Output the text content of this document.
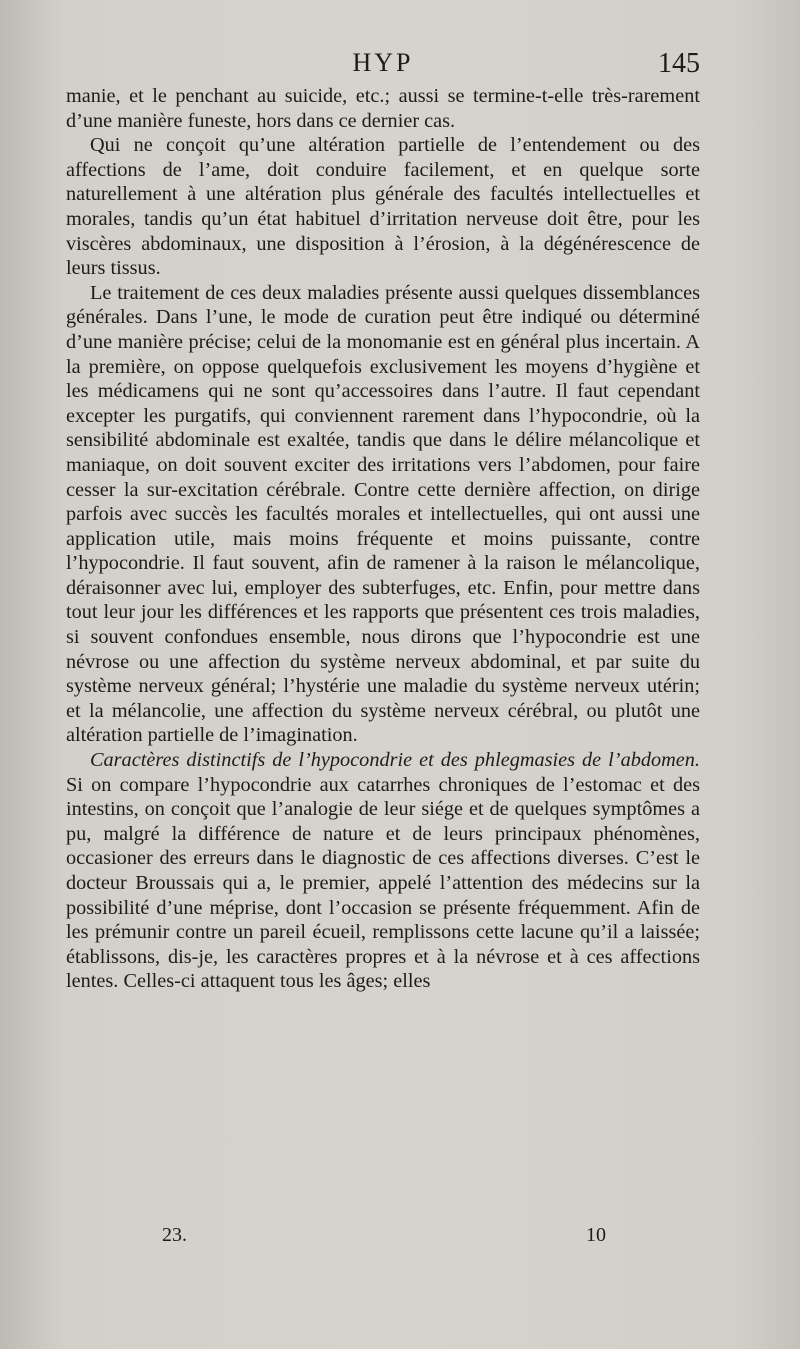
HYP	145

manie, et le penchant au suicide, etc.; aussi se termine-t-elle très-rarement d’une manière funeste, hors dans ce dernier cas.

Qui ne conçoit qu’une altération partielle de l’entendement ou des affections de l’ame, doit conduire facilement, et en quelque sorte naturellement à une altération plus générale des facultés intellectuelles et morales, tandis qu’un état habituel d’irritation nerveuse doit être, pour les viscères abdominaux, une disposition à l’érosion, à la dégénérescence de leurs tissus.

Le traitement de ces deux maladies présente aussi quelques dissemblances générales. Dans l’une, le mode de curation peut être indiqué ou déterminé d’une manière précise; celui de la monomanie est en général plus incertain. A la première, on oppose quelquefois exclusivement les moyens d’hygiène et les médicamens qui ne sont qu’accessoires dans l’autre. Il faut cependant excepter les purgatifs, qui conviennent rarement dans l’hypocondrie, où la sensibilité abdominale est exaltée, tandis que dans le délire mélancolique et maniaque, on doit souvent exciter des irritations vers l’abdomen, pour faire cesser la sur-excitation cérébrale. Contre cette dernière affection, on dirige parfois avec succès les facultés morales et intellectuelles, qui ont aussi une application utile, mais moins fréquente et moins puissante, contre l’hypocondrie. Il faut souvent, afin de ramener à la raison le mélancolique, déraisonner avec lui, employer des subterfuges, etc. Enfin, pour mettre dans tout leur jour les différences et les rapports que présentent ces trois maladies, si souvent confondues ensemble, nous dirons que l’hypocondrie est une névrose ou une affection du système nerveux abdominal, et par suite du système nerveux général; l’hystérie une maladie du système nerveux utérin; et la mélancolie, une affection du système nerveux cérébral, ou plutôt une altération partielle de l’imagination.

Caractères distinctifs de l’hypocondrie et des phlegmasies de l’abdomen. Si on compare l’hypocondrie aux catarrhes chroniques de l’estomac et des intestins, on conçoit que l’analogie de leur siége et de quelques symptômes a pu, malgré la différence de nature et de leurs principaux phénomènes, occasioner des erreurs dans le diagnostic de ces affections diverses. C’est le docteur Broussais qui a, le premier, appelé l’attention des médecins sur la possibilité d’une méprise, dont l’occasion se présente fréquemment. Afin de les prémunir contre un pareil écueil, remplissons cette lacune qu’il a laissée; établissons, dis-je, les caractères propres et à la névrose et à ces affections lentes. Celles-ci attaquent tous les âges; elles

23.	10
